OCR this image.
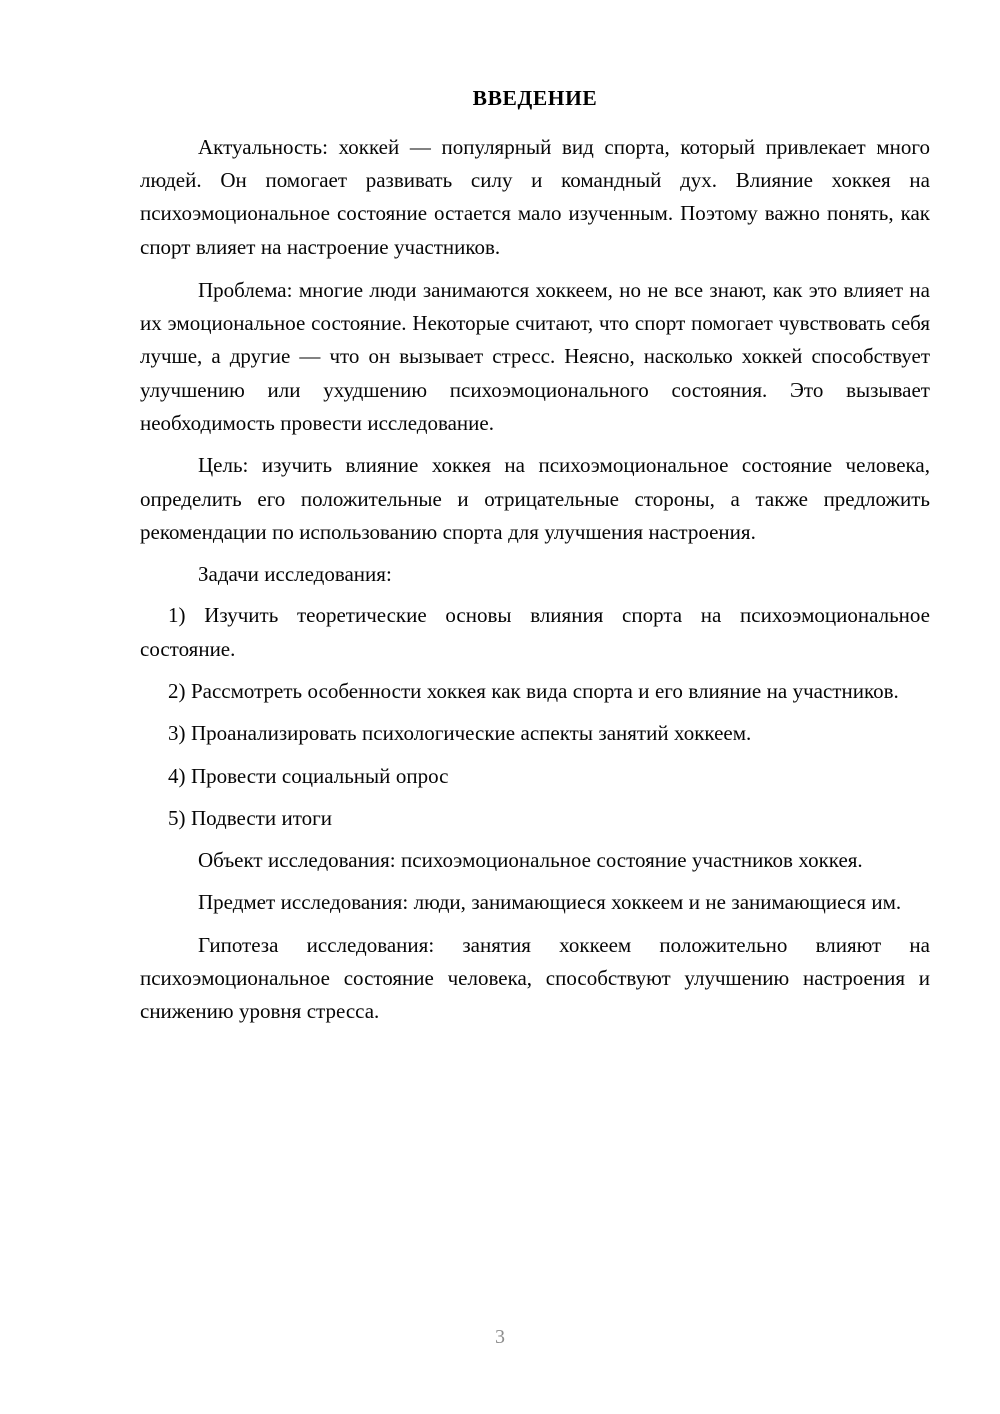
ВВЕДЕНИЕ

Актуальность: хоккей — популярный вид спорта, который привлекает много людей. Он помогает развивать силу и командный дух. Влияние хоккея на психоэмоциональное состояние остается мало изученным. Поэтому важно понять, как спорт влияет на настроение участников.

Проблема: многие люди занимаются хоккеем, но не все знают, как это влияет на их эмоциональное состояние. Некоторые считают, что спорт помогает чувствовать себя лучше, а другие — что он вызывает стресс. Неясно, насколько хоккей способствует улучшению или ухудшению психоэмоционального состояния. Это вызывает необходимость провести исследование.

Цель: изучить влияние хоккея на психоэмоциональное состояние человека, определить его положительные и отрицательные стороны, а также предложить рекомендации по использованию спорта для улучшения настроения.

Задачи исследования:

1) Изучить теоретические основы влияния спорта на психоэмоциональное состояние.

2) Рассмотреть особенности хоккея как вида спорта и его влияние на участников.

3) Проанализировать психологические аспекты занятий хоккеем.

4) Провести социальный опрос

5) Подвести итоги

Объект исследования: психоэмоциональное состояние участников хоккея.

Предмет исследования: люди, занимающиеся хоккеем и не занимающиеся им.

Гипотеза исследования: занятия хоккеем положительно влияют на психоэмоциональное состояние человека, способствуют улучшению настроения и снижению уровня стресса.

3
